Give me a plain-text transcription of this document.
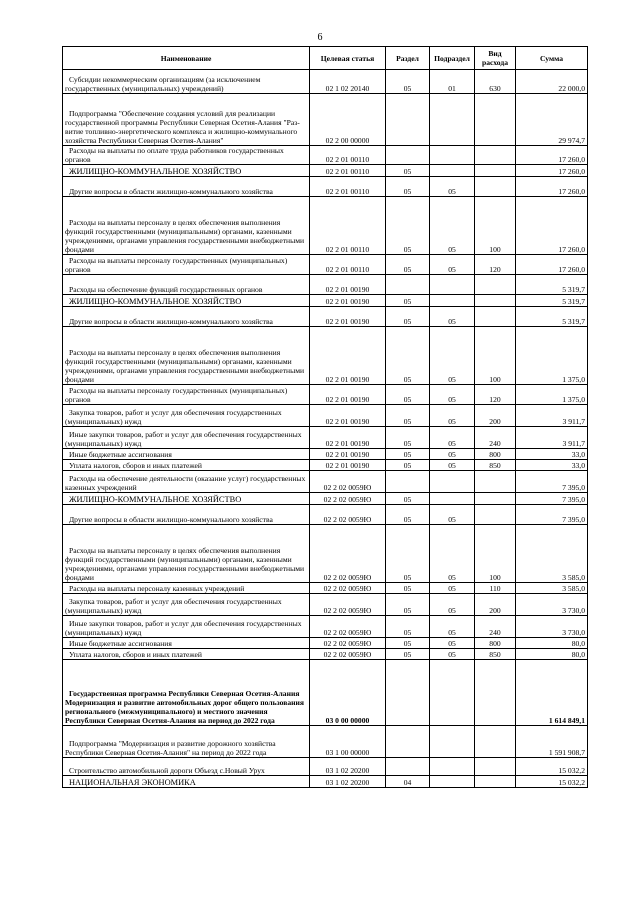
6
Наименование	Целевая статья	Раздел	Подраздел	Вид расхода	Сумма
Субсидии некоммерческим организациям (за исключением государственных (муниципальных) учреждений)	02 1 02 20140	05	01	630	22 000,0
Подпрограмма "Обеспечение создания условий для реализации государственной программы Республики Северная Осетия-Алания "Раз-витие топливно-энергетического комплекса и жилищно-коммунального хозяйства Республики Северная Осетия-Алания"	02 2 00 00000				29 974,7
Расходы на выплаты по оплате труда работников государственных органов	02 2 01 00110				17 260,0
ЖИЛИЩНО-КОММУНАЛЬНОЕ ХОЗЯЙСТВО	02 2 01 00110	05			17 260,0
Другие вопросы в области жилищно-коммунального хозяйства	02 2 01 00110	05	05		17 260,0
Расходы на выплаты персоналу в целях обеспечения выполнения функций государственными (муниципальными) органами, казенными учреждениями, органами управления государственными внебюджетными фондами	02 2 01 00110	05	05	100	17 260,0
Расходы на выплаты персоналу государственных (муниципальных) органов	02 2 01 00110	05	05	120	17 260,0
Расходы на обеспечение функций государственных органов	02 2 01 00190				5 319,7
ЖИЛИЩНО-КОММУНАЛЬНОЕ ХОЗЯЙСТВО	02 2 01 00190	05			5 319,7
Другие вопросы в области жилищно-коммунального хозяйства	02 2 01 00190	05	05		5 319,7
Расходы на выплаты персоналу в целях обеспечения выполнения функций государственными (муниципальными) органами, казенными учреждениями, органами управления государственными внебюджетными фондами	02 2 01 00190	05	05	100	1 375,0
Расходы на выплаты персоналу государственных (муниципальных) органов	02 2 01 00190	05	05	120	1 375,0
Закупка товаров, работ и услуг для обеспечения государственных (муниципальных) нужд	02 2 01 00190	05	05	200	3 911,7
Иные закупки товаров, работ и услуг для обеспечения государственных (муниципальных) нужд	02 2 01 00190	05	05	240	3 911,7
Иные бюджетные ассигнования	02 2 01 00190	05	05	800	33,0
Уплата налогов, сборов и иных платежей	02 2 01 00190	05	05	850	33,0
Расходы на обеспечение деятельности (оказание услуг) государственных казенных учреждений	02 2 02 0059Ю				7 395,0
ЖИЛИЩНО-КОММУНАЛЬНОЕ ХОЗЯЙСТВО	02 2 02 0059Ю	05			7 395,0
Другие вопросы в области жилищно-коммунального хозяйства	02 2 02 0059Ю	05	05		7 395,0
Расходы на выплаты персоналу в целях обеспечения выполнения функций государственными (муниципальными) органами, казенными учреждениями, органами управления государственными внебюджетными фондами	02 2 02 0059Ю	05	05	100	3 585,0
Расходы на выплаты персоналу казенных учреждений	02 2 02 0059Ю	05	05	110	3 585,0
Закупка товаров, работ и услуг для обеспечения государственных (муниципальных) нужд	02 2 02 0059Ю	05	05	200	3 730,0
Иные закупки товаров, работ и услуг для обеспечения государственных (муниципальных) нужд	02 2 02 0059Ю	05	05	240	3 730,0
Иные бюджетные ассигнования	02 2 02 0059Ю	05	05	800	80,0
Уплата налогов, сборов и иных платежей	02 2 02 0059Ю	05	05	850	80,0
Государственная программа Республики Северная Осетия-Алания Модернизация и развитие автомобильных дорог общего пользования регионального (межмуниципального) и местного значения Республики Северная Осетия-Алания на период до 2022 года	03 0 00 00000				1 614 849,1
Подпрограмма "Модернизация и развитие дорожного хозяйства Республики Северная Осетия-Алания" на период до 2022 года	03 1 00 00000				1 591 908,7
Строительство автомобильной дороги Объезд с.Новый Урух	03 1 02 20200				15 032,2
НАЦИОНАЛЬНАЯ ЭКОНОМИКА	03 1 02 20200	04			15 032,2
